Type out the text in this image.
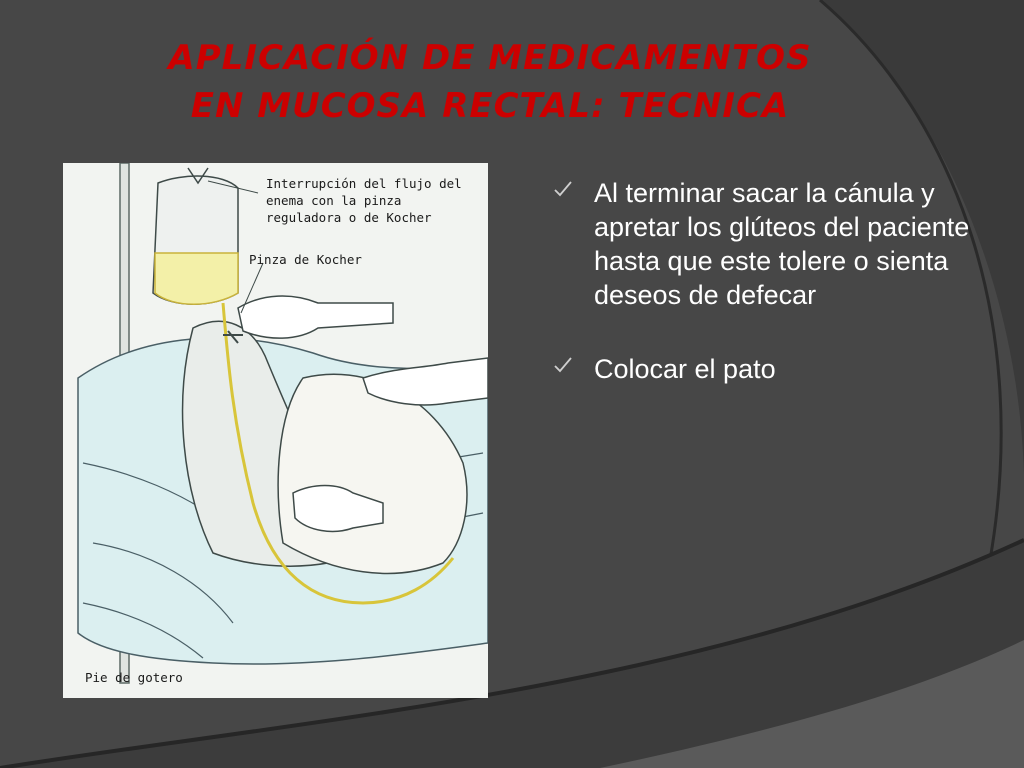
APLICACIÓN DE MEDICAMENTOS
EN MUCOSA RECTAL: TECNICA
Interrupción del flujo del
enema con la pinza
reguladora o de Kocher
Pinza de Kocher
Pie de gotero
Al terminar sacar la cánula y apretar los glúteos del paciente hasta que este tolere o sienta deseos de defecar
Colocar el pato
